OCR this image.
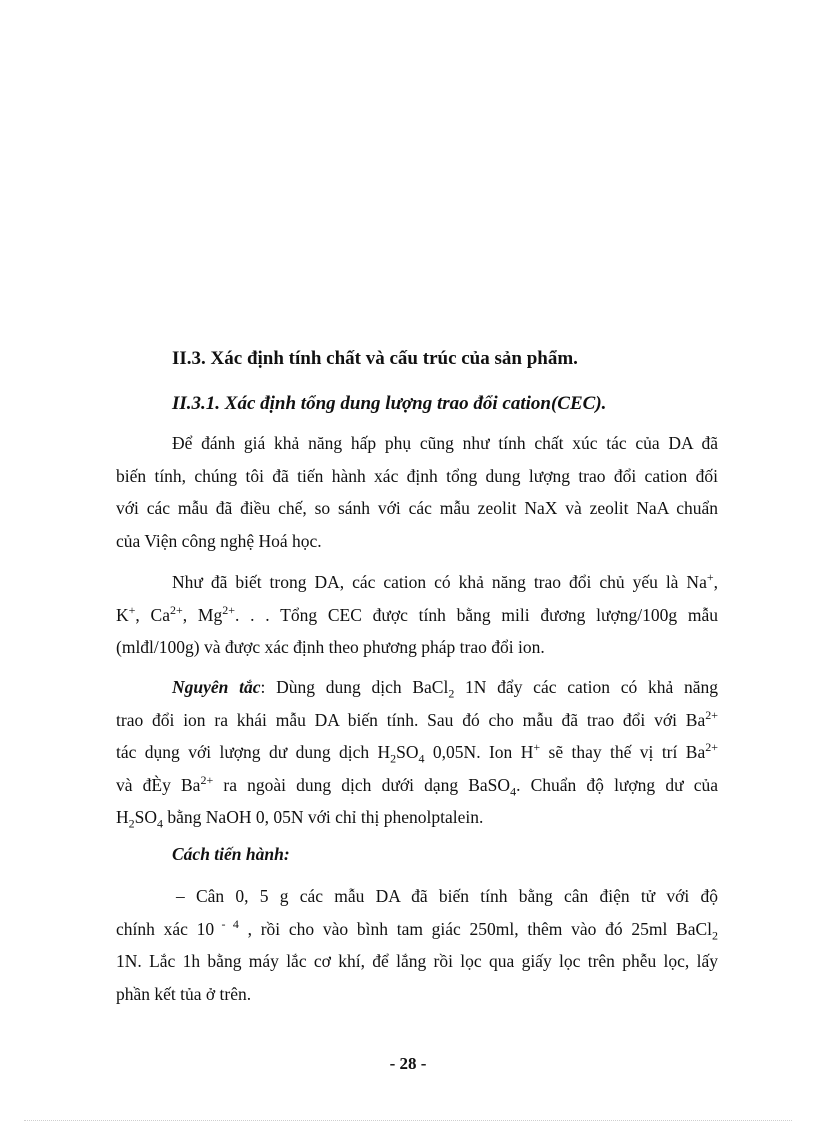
II.3. Xác định tính chất và cấu trúc của sản phẩm.

II.3.1. Xác định tổng dung lượng trao đổi cation(CEC).

Để đánh giá khả năng hấp phụ cũng như tính chất xúc tác của DA đã
biến tính, chúng tôi đã tiến hành xác định tổng dung lượng trao đổi cation đối
với các mẫu đã điều chế, so sánh với các mẫu zeolit NaX và zeolit NaA chuẩn
của Viện công nghệ Hoá học.
Như đã biết trong DA, các cation có khả năng trao đổi chủ yếu là Na+,
K+, $Ca^{2+}$, $Mg^{2+}$. . . Tổng CEC được tính bằng mili đương lượng/100g mẫu
(mlđl/100g) và được xác định theo phương pháp trao đổi ion.
Nguyên tắc: Dùng dung dịch BaCl$_2$ 1N đẩy các cation có khả năng
trao đổi ion ra khái mẫu DA biến tính. Sau đó cho mẫu đã trao đổi với $Ba^{2+}$
tác dụng với lượng dư dung dịch $H_2SO_4$ 0,05N. Ion H+ sẽ thay thế vị trí $Ba^{2+}$
và đÈy $Ba^{2+}$ ra ngoài dung dịch dưới dạng BaSO$_4$. Chuẩn độ lượng dư của
$H_2SO_4$ bằng NaOH 0, 05N với chỉ thị phenolptalein.

Cách tiến hành:

– Cân 0, 5 g các mẫu DA đã biến tính bằng cân điện tử với độ
chính xác 10 $^{- 4}$ , rồi cho vào bình tam giác 250ml, thêm vào đó 25ml BaCl$_2$
1N. Lắc 1h bằng máy lắc cơ khí, để lắng rồi lọc qua giấy lọc trên phễu lọc, lấy
phần kết tủa ở trên.
- 28 -
